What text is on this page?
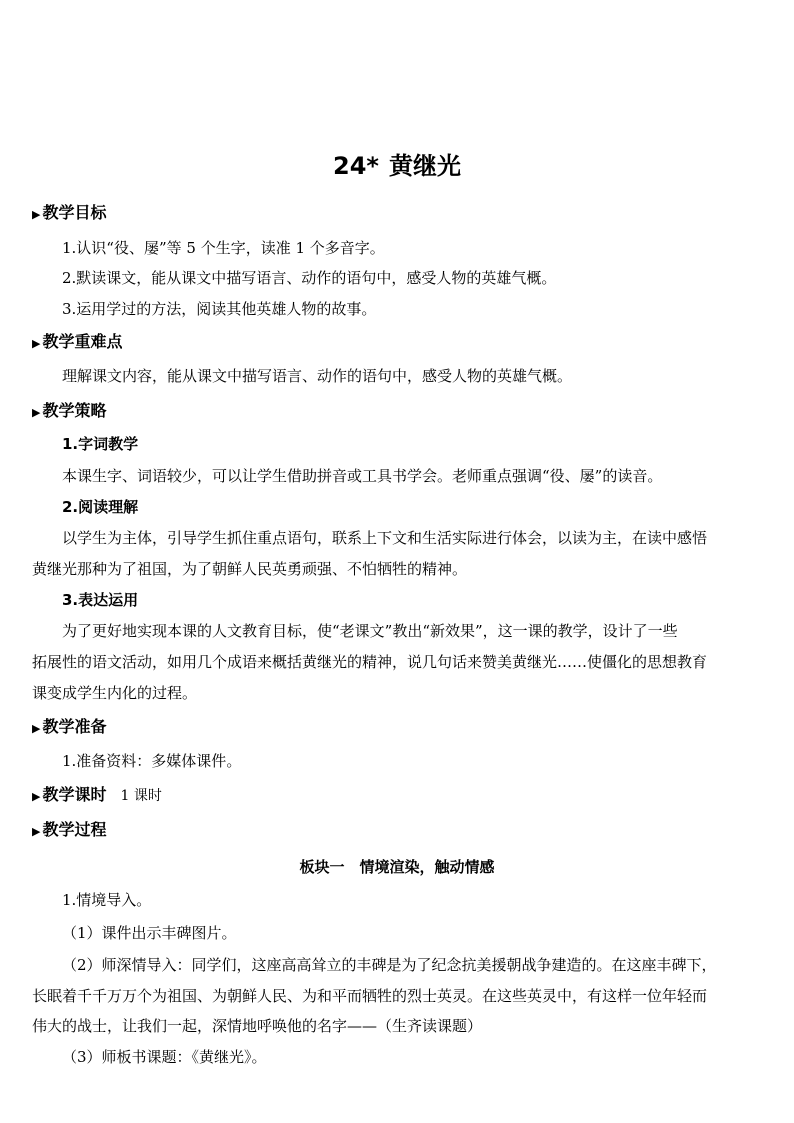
24* 黄继光
▶ 教学目标
1.认识“役、屡”等 5 个生字，读准 1 个多音字。
2.默读课文，能从课文中描写语言、动作的语句中，感受人物的英雄气概。
3.运用学过的方法，阅读其他英雄人物的故事。
▶ 教学重难点
理解课文内容，能从课文中描写语言、动作的语句中，感受人物的英雄气概。
▶ 教学策略
1.字词教学
本课生字、词语较少，可以让学生借助拼音或工具书学会。老师重点强调“役、屡”的读音。
2.阅读理解
以学生为主体，引导学生抓住重点语句，联系上下文和生活实际进行体会，以读为主，在读中感悟
黄继光那种为了祖国，为了朝鲜人民英勇顽强、不怕牺牲的精神。
3.表达运用
为了更好地实现本课的人文教育目标，使“老课文”教出“新效果”，这一课的教学，设计了一些
拓展性的语文活动，如用几个成语来概括黄继光的精神，说几句话来赞美黄继光……使僵化的思想教育
课变成学生内化的过程。
▶ 教学准备
1.准备资料：多媒体课件。
▶ 教学课时 1 课时
▶ 教学过程
板块一　情境渲染，触动情感
1.情境导入。
（1）课件出示丰碑图片。
（2）师深情导入：同学们，这座高高耸立的丰碑是为了纪念抗美援朝战争建造的。在这座丰碑下，
长眠着千千万万个为祖国、为朝鲜人民、为和平而牺牲的烈士英灵。在这些英灵中，有这样一位年轻而
伟大的战士，让我们一起，深情地呼唤他的名字——（生齐读课题）
（3）师板书课题：《黄继光》。
